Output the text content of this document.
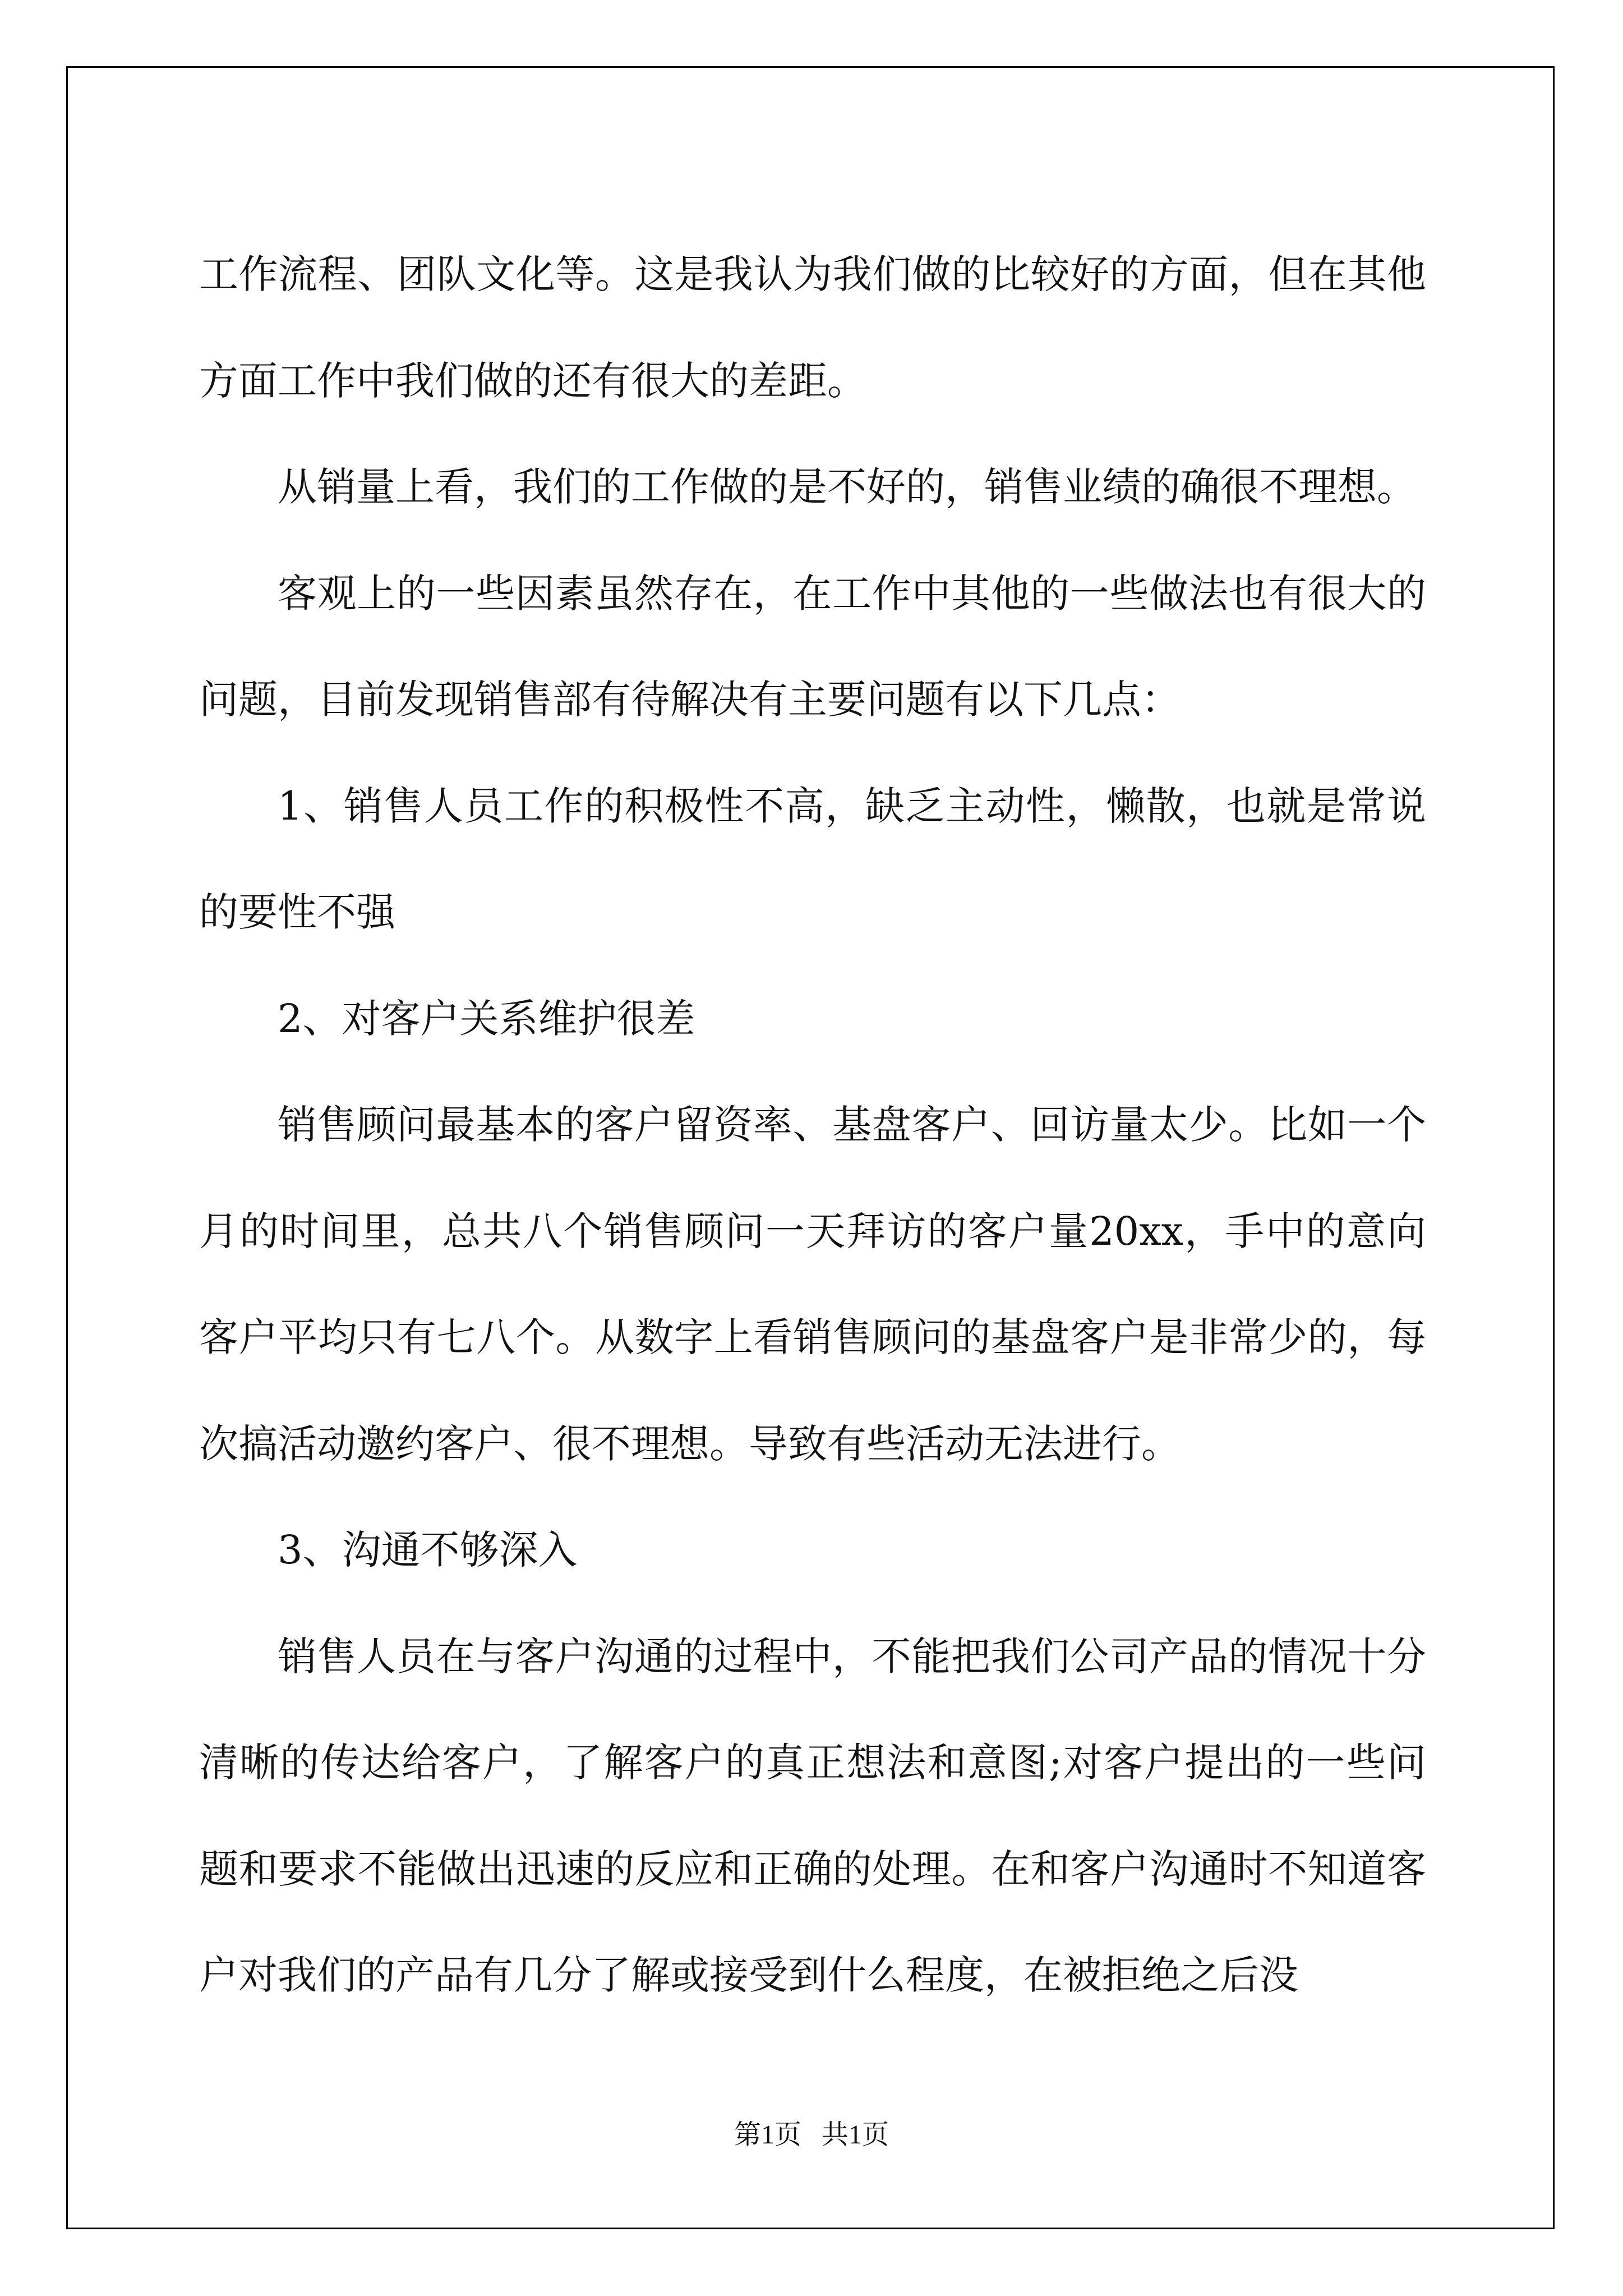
工作流程、团队文化等。这是我认为我们做的比较好的方面，但在其他方面工作中我们做的还有很大的差距。

从销量上看，我们的工作做的是不好的，销售业绩的确很不理想。

客观上的一些因素虽然存在，在工作中其他的一些做法也有很大的问题，目前发现销售部有待解决有主要问题有以下几点：

1、销售人员工作的积极性不高，缺乏主动性，懒散，也就是常说的要性不强

2、对客户关系维护很差

销售顾问最基本的客户留资率、基盘客户、回访量太少。比如一个月的时间里，总共八个销售顾问一天拜访的客户量20xx，手中的意向客户平均只有七八个。从数字上看销售顾问的基盘客户是非常少的，每次搞活动邀约客户、很不理想。导致有些活动无法进行。

3、沟通不够深入

销售人员在与客户沟通的过程中，不能把我们公司产品的情况十分清晰的传达给客户，了解客户的真正想法和意图;对客户提出的一些问题和要求不能做出迅速的反应和正确的处理。在和客户沟通时不知道客户对我们的产品有几分了解或接受到什么程度，在被拒绝之后没

第1页   共1页
